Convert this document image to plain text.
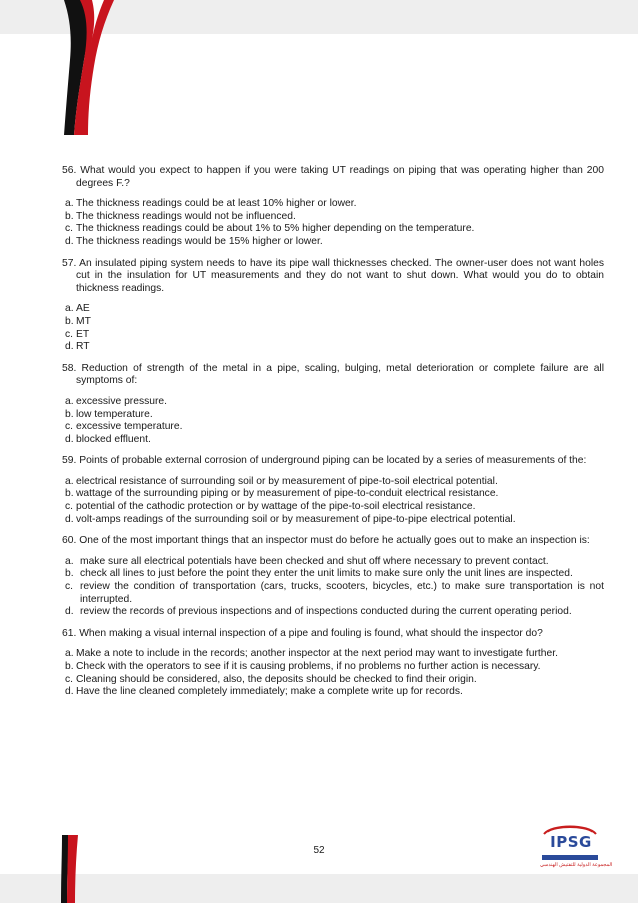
56. What would you expect to happen if you were taking UT readings on piping that was operating higher than 200 degrees F.?
a. The thickness readings could be at least 10% higher or lower.
b. The thickness readings would not be influenced.
c. The thickness readings could be about 1% to 5% higher depending on the temperature.
d. The thickness readings would be 15% higher or lower.
57. An insulated piping system needs to have its pipe wall thicknesses checked. The owner-user does not want holes cut in the insulation for UT measurements and they do not want to shut down. What would you do to obtain thickness readings.
a. AE
b. MT
c. ET
d. RT
58. Reduction of strength of the metal in a pipe, scaling, bulging, metal deterioration or complete failure are all symptoms of:
a. excessive pressure.
b. low temperature.
c. excessive temperature.
d. blocked effluent.
59. Points of probable external corrosion of underground piping can be located by a series of measurements of the:
a. electrical resistance of surrounding soil or by measurement of pipe-to-soil electrical potential.
b. wattage of the surrounding piping or by measurement of pipe-to-conduit electrical resistance.
c. potential of the cathodic protection or by wattage of the pipe-to-soil electrical resistance.
d. volt-amps readings of the surrounding soil or by measurement of pipe-to-pipe electrical potential.
60. One of the most important things that an inspector must do before he actually goes out to make an inspection is:
a. make sure all electrical potentials have been checked and shut off where necessary to prevent contact.
b. check all lines to just before the point they enter the unit limits to make sure only the unit lines are inspected.
c. review the condition of transportation (cars, trucks, scooters, bicycles, etc.) to make sure transportation is not interrupted.
d. review the records of previous inspections and of inspections conducted during the current operating period.
61. When making a visual internal inspection of a pipe and fouling is found, what should the inspector do?
a. Make a note to include in the records; another inspector at the next period may want to investigate further.
b. Check with the operators to see if it is causing problems, if no problems no further action is necessary.
c. Cleaning should be considered, also, the deposits should be checked to find their origin.
d. Have the line cleaned completely immediately; make a complete write up for records.
52	IPSG
المجموعة الدولية للتفتيش الهندسي
